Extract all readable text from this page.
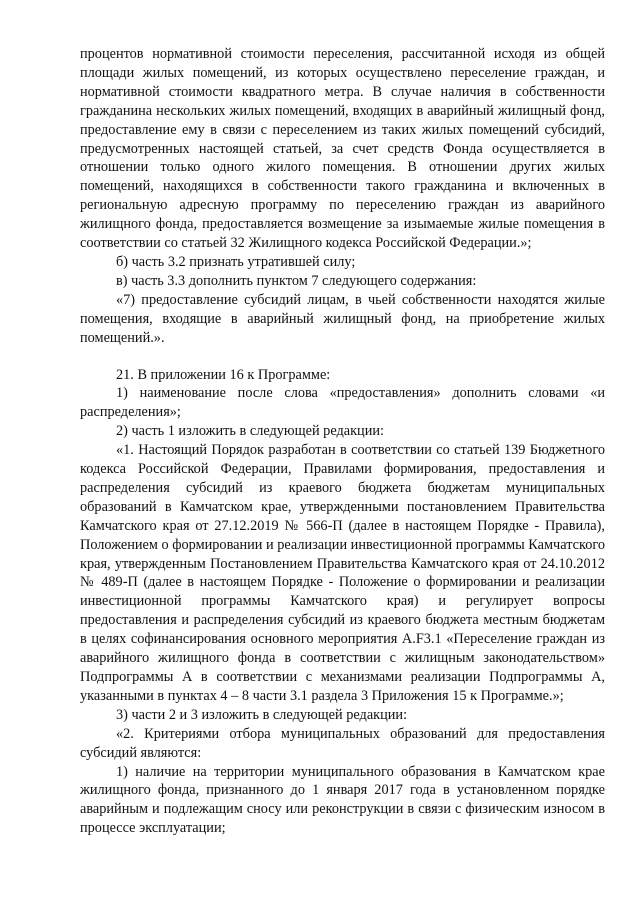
процентов нормативной стоимости переселения, рассчитанной исходя из общей площади жилых помещений, из которых осуществлено переселение граждан, и нормативной стоимости квадратного метра. В случае наличия в собственности гражданина нескольких жилых помещений, входящих в аварийный жилищный фонд, предоставление ему в связи с переселением из таких жилых помещений субсидий, предусмотренных настоящей статьей, за счет средств Фонда осуществляется в отношении только одного жилого помещения. В отношении других жилых помещений, находящихся в собственности такого гражданина и включенных в региональную адресную программу по переселению граждан из аварийного жилищного фонда, предоставляется возмещение за изымаемые жилые помещения в соответствии со статьей 32 Жилищного кодекса Российской Федерации.»;

б) часть 3.2 признать утратившей силу;

в) часть 3.3 дополнить пунктом 7 следующего содержания:

«7) предоставление субсидий лицам, в чьей собственности находятся жилые помещения, входящие в аварийный жилищный фонд, на приобретение жилых помещений.».

21. В приложении 16 к Программе:

1) наименование после слова «предоставления» дополнить словами «и распределения»;

2) часть 1 изложить в следующей редакции:

«1. Настоящий Порядок разработан в соответствии со статьей 139 Бюджетного кодекса Российской Федерации, Правилами формирования, предоставления и распределения субсидий из краевого бюджета бюджетам муниципальных образований в Камчатском крае, утвержденными постановлением Правительства Камчатского края от 27.12.2019 № 566-П (далее в настоящем Порядке - Правила), Положением о формировании и реализации инвестиционной программы Камчатского края, утвержденным Постановлением Правительства Камчатского края от 24.10.2012 № 489-П (далее в настоящем Порядке - Положение о формировании и реализации инвестиционной программы Камчатского края) и регулирует вопросы предоставления и распределения субсидий из краевого бюджета местным бюджетам в целях софинансирования основного мероприятия А.F3.1 «Переселение граждан из аварийного жилищного фонда в соответствии с жилищным законодательством» Подпрограммы А в соответствии с механизмами реализации Подпрограммы А, указанными в пунктах 4 – 8 части 3.1 раздела 3 Приложения 15 к Программе.»;

3) части 2 и 3 изложить в следующей редакции:

«2. Критериями отбора муниципальных образований для предоставления субсидий являются:

1) наличие на территории муниципального образования в Камчатском крае жилищного фонда, признанного до 1 января 2017 года в установленном порядке аварийным и подлежащим сносу или реконструкции в связи с физическим износом в процессе эксплуатации;
